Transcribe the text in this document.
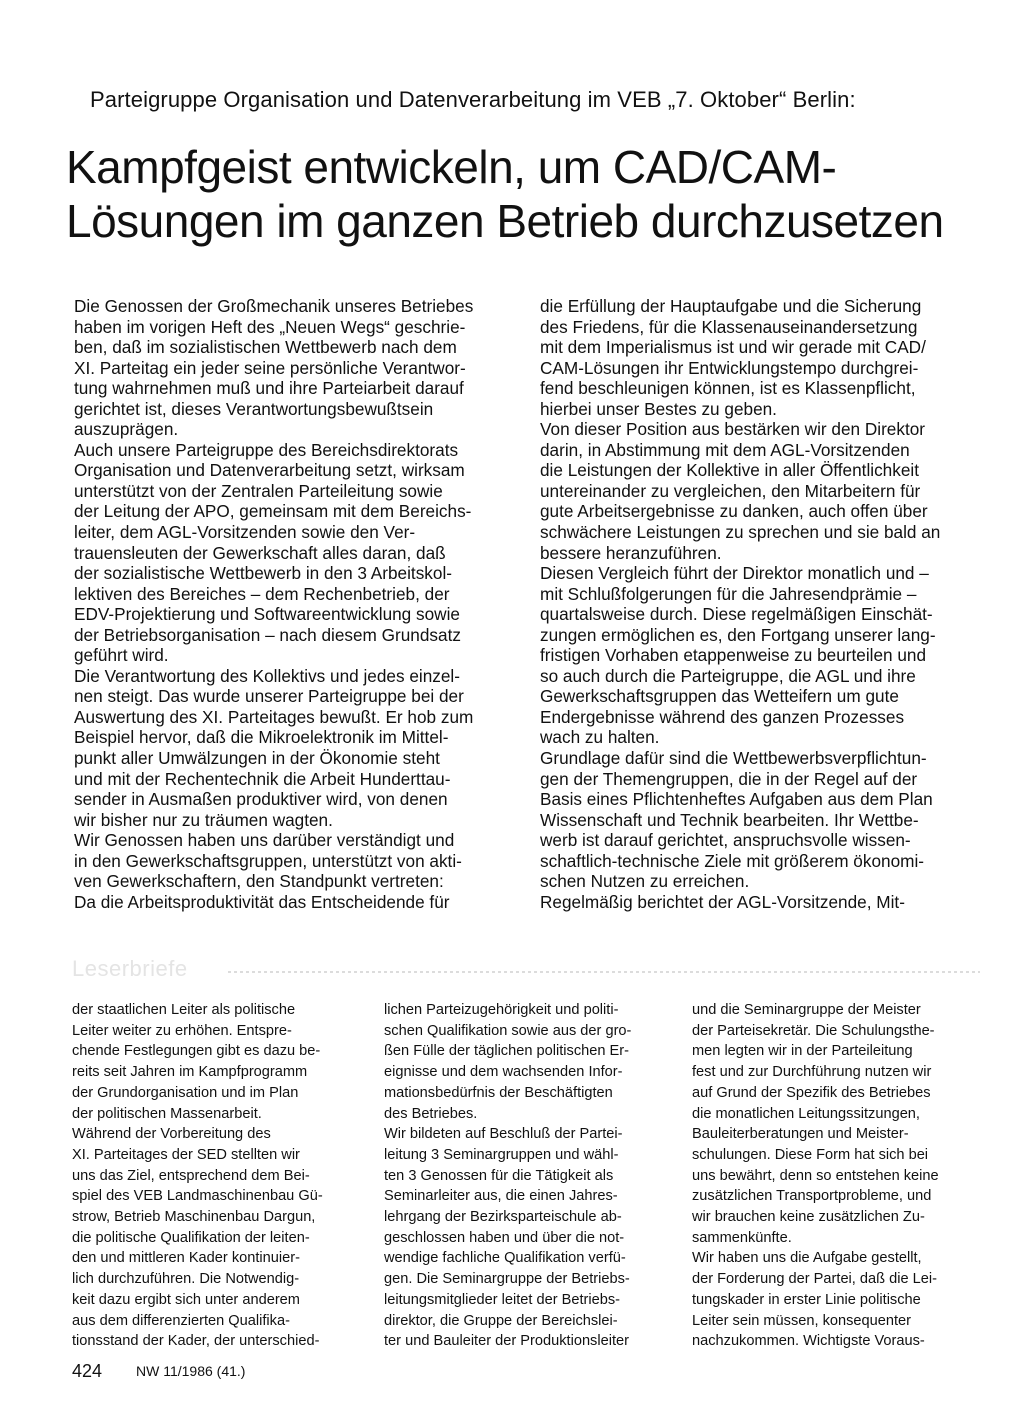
Parteigruppe Organisation und Datenverarbeitung im VEB „7. Oktober“ Berlin:
Kampfgeist entwickeln, um CAD/CAM-
Lösungen im ganzen Betrieb durchzusetzen
Die Genossen der Großmechanik unseres Betriebes
haben im vorigen Heft des „Neuen Wegs“ geschrie-
ben, daß im sozialistischen Wettbewerb nach dem
XI. Parteitag ein jeder seine persönliche Verantwor-
tung wahrnehmen muß und ihre Parteiarbeit darauf
gerichtet ist, dieses Verantwortungsbewußtsein
auszuprägen.
Auch unsere Parteigruppe des Bereichsdirektorats
Organisation und Datenverarbeitung setzt, wirksam
unterstützt von der Zentralen Parteileitung sowie
der Leitung der APO, gemeinsam mit dem Bereichs-
leiter, dem AGL-Vorsitzenden sowie den Ver-
trauensleuten der Gewerkschaft alles daran, daß
der sozialistische Wettbewerb in den 3 Arbeitskol-
lektiven des Bereiches – dem Rechenbetrieb, der
EDV-Projektierung und Softwareentwicklung sowie
der Betriebsorganisation – nach diesem Grundsatz
geführt wird.
Die Verantwortung des Kollektivs und jedes einzel-
nen steigt. Das wurde unserer Parteigruppe bei der
Auswertung des XI. Parteitages bewußt. Er hob zum
Beispiel hervor, daß die Mikroelektronik im Mittel-
punkt aller Umwälzungen in der Ökonomie steht
und mit der Rechentechnik die Arbeit Hunderttau-
sender in Ausmaßen produktiver wird, von denen
wir bisher nur zu träumen wagten.
Wir Genossen haben uns darüber verständigt und
in den Gewerkschaftsgruppen, unterstützt von akti-
ven Gewerkschaftern, den Standpunkt vertreten:
Da die Arbeitsproduktivität das Entscheidende für
die Erfüllung der Hauptaufgabe und die Sicherung
des Friedens, für die Klassenauseinandersetzung
mit dem Imperialismus ist und wir gerade mit CAD/
CAM-Lösungen ihr Entwicklungstempo durchgrei-
fend beschleunigen können, ist es Klassenpflicht,
hierbei unser Bestes zu geben.
Von dieser Position aus bestärken wir den Direktor
darin, in Abstimmung mit dem AGL-Vorsitzenden
die Leistungen der Kollektive in aller Öffentlichkeit
untereinander zu vergleichen, den Mitarbeitern für
gute Arbeitsergebnisse zu danken, auch offen über
schwächere Leistungen zu sprechen und sie bald an
bessere heranzuführen.
Diesen Vergleich führt der Direktor monatlich und –
mit Schlußfolgerungen für die Jahresendprämie –
quartalsweise durch. Diese regelmäßigen Einschät-
zungen ermöglichen es, den Fortgang unserer lang-
fristigen Vorhaben etappenweise zu beurteilen und
so auch durch die Parteigruppe, die AGL und ihre
Gewerkschaftsgruppen das Wetteifern um gute
Endergebnisse während des ganzen Prozesses
wach zu halten.
Grundlage dafür sind die Wettbewerbsverpflichtun-
gen der Themengruppen, die in der Regel auf der
Basis eines Pflichtenheftes Aufgaben aus dem Plan
Wissenschaft und Technik bearbeiten. Ihr Wettbe-
werb ist darauf gerichtet, anspruchsvolle wissen-
schaftlich-technische Ziele mit größerem ökonomi-
schen Nutzen zu erreichen.
Regelmäßig berichtet der AGL-Vorsitzende, Mit-
Leserbriefe
der staatlichen Leiter als politische
Leiter weiter zu erhöhen. Entspre-
chende Festlegungen gibt es dazu be-
reits seit Jahren im Kampfprogramm
der Grundorganisation und im Plan
der politischen Massenarbeit.
Während der Vorbereitung des
XI. Parteitages der SED stellten wir
uns das Ziel, entsprechend dem Bei-
spiel des VEB Landmaschinenbau Gü-
strow, Betrieb Maschinenbau Dargun,
die politische Qualifikation der leiten-
den und mittleren Kader kontinuier-
lich durchzuführen. Die Notwendig-
keit dazu ergibt sich unter anderem
aus dem differenzierten Qualifika-
tionsstand der Kader, der unterschied-
lichen Parteizugehörigkeit und politi-
schen Qualifikation sowie aus der gro-
ßen Fülle der täglichen politischen Er-
eignisse und dem wachsenden Infor-
mationsbedürfnis der Beschäftigten
des Betriebes.
Wir bildeten auf Beschluß der Partei-
leitung 3 Seminargruppen und wähl-
ten 3 Genossen für die Tätigkeit als
Seminarleiter aus, die einen Jahres-
lehrgang der Bezirksparteischule ab-
geschlossen haben und über die not-
wendige fachliche Qualifikation verfü-
gen. Die Seminargruppe der Betriebs-
leitungsmitglieder leitet der Betriebs-
direktor, die Gruppe der Bereichslei-
ter und Bauleiter der Produktionsleiter
und die Seminargruppe der Meister
der Parteisekretär. Die Schulungsthe-
men legten wir in der Parteileitung
fest und zur Durchführung nutzen wir
auf Grund der Spezifik des Betriebes
die monatlichen Leitungssitzungen,
Bauleiterberatungen und Meister-
schulungen. Diese Form hat sich bei
uns bewährt, denn so entstehen keine
zusätzlichen Transportprobleme, und
wir brauchen keine zusätzlichen Zu-
sammenkünfte.
Wir haben uns die Aufgabe gestellt,
der Forderung der Partei, daß die Lei-
tungskader in erster Linie politische
Leiter sein müssen, konsequenter
nachzukommen. Wichtigste Voraus-
424 NW 11/1986 (41.)
